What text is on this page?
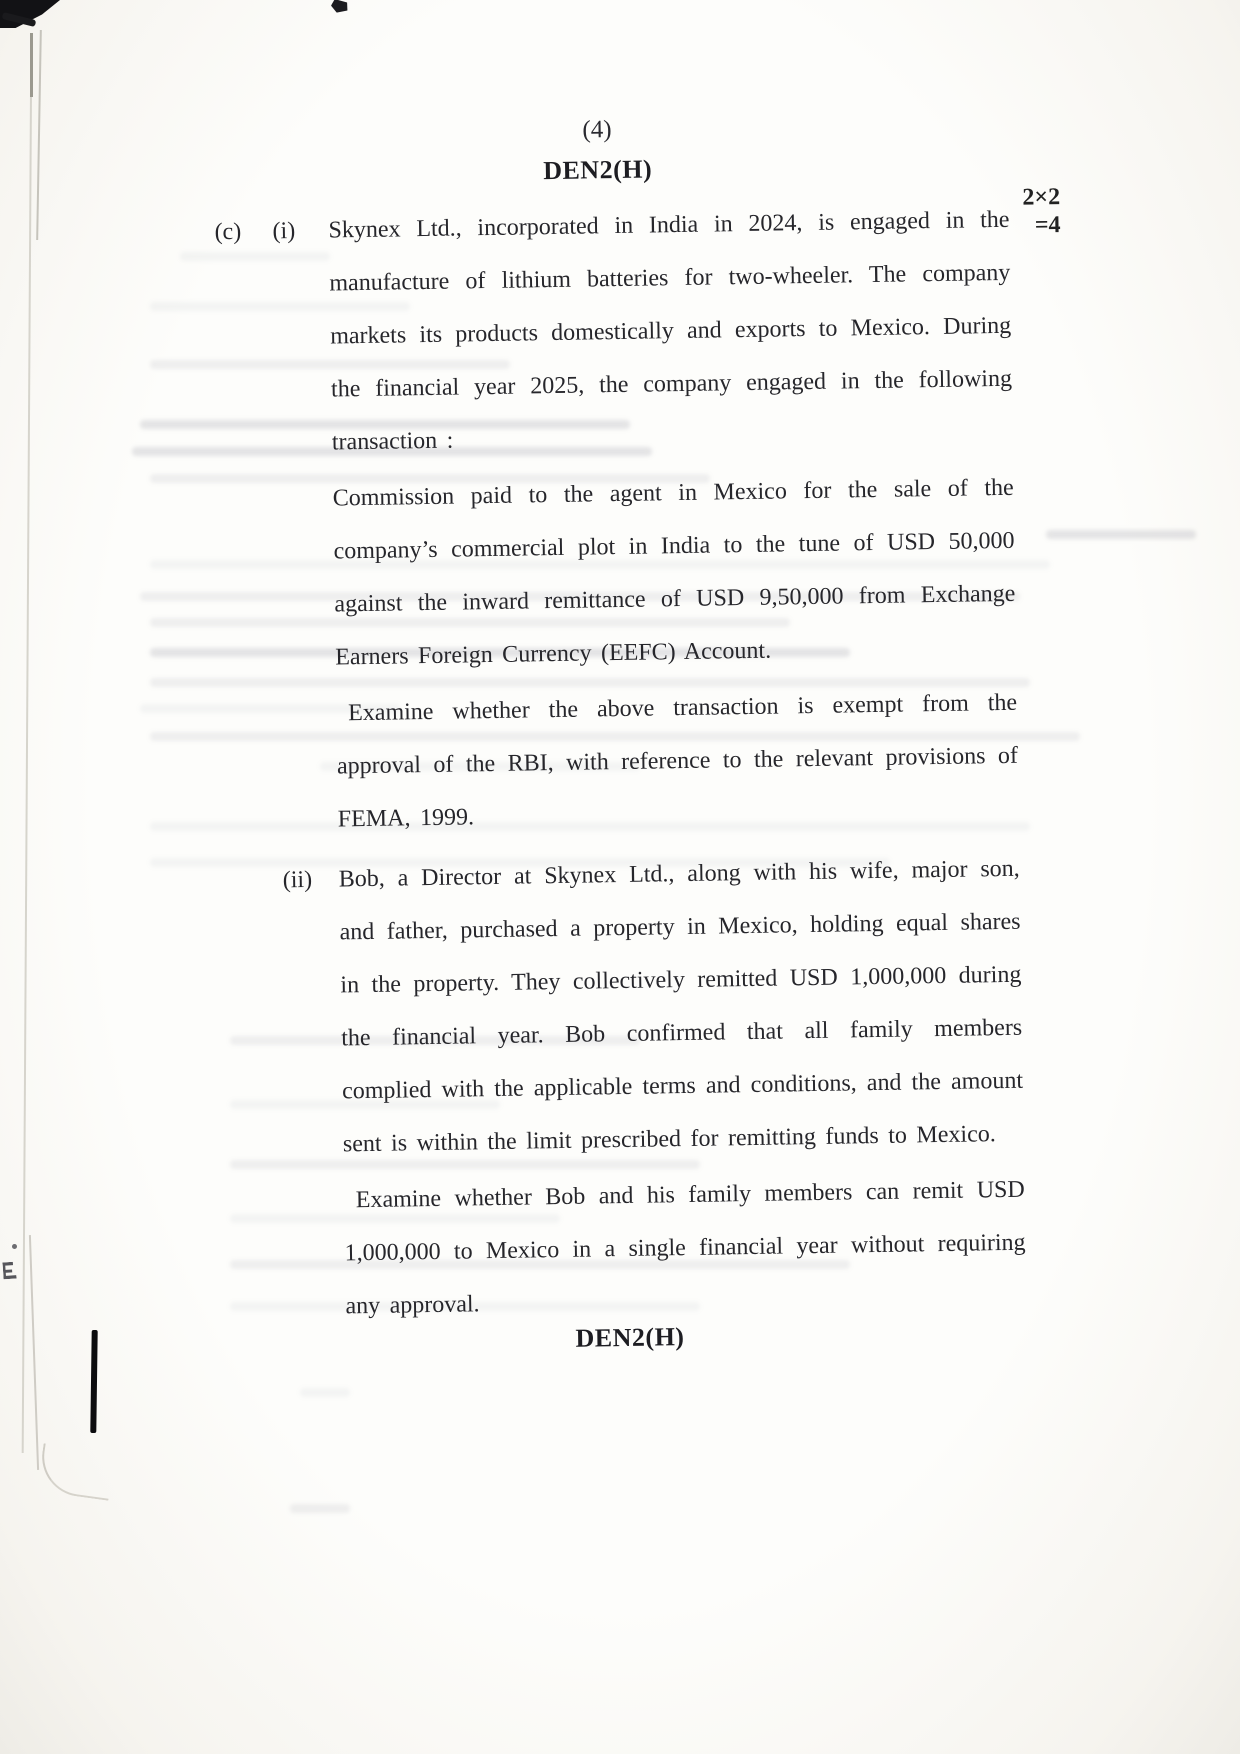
(4)
DEN2(H)
2×2
=4
(c)	(i)	Skynex Ltd., incorporated in India in 2024, is engaged in the manufacture of lithium batteries for two-wheeler. The company markets its products domestically and exports to Mexico. During the financial year 2025, the company engaged in the following transaction :

Commission paid to the agent in Mexico for the sale of the company’s commercial plot in India to the tune of USD 50,000 against the inward remittance of USD 9,50,000 from Exchange Earners Foreign Currency (EEFC) Account.

Examine whether the above transaction is exempt from the approval of the RBI, with reference to the relevant provisions of FEMA, 1999.

(ii)	Bob, a Director at Skynex Ltd., along with his wife, major son, and father, purchased a property in Mexico, holding equal shares in the property. They collectively remitted USD 1,000,000 during the financial year. Bob confirmed that all family members complied with the applicable terms and conditions, and the amount sent is within the limit prescribed for remitting funds to Mexico.

Examine whether Bob and his family members can remit USD 1,000,000 to Mexico in a single financial year without requiring any approval.

DEN2(H)
